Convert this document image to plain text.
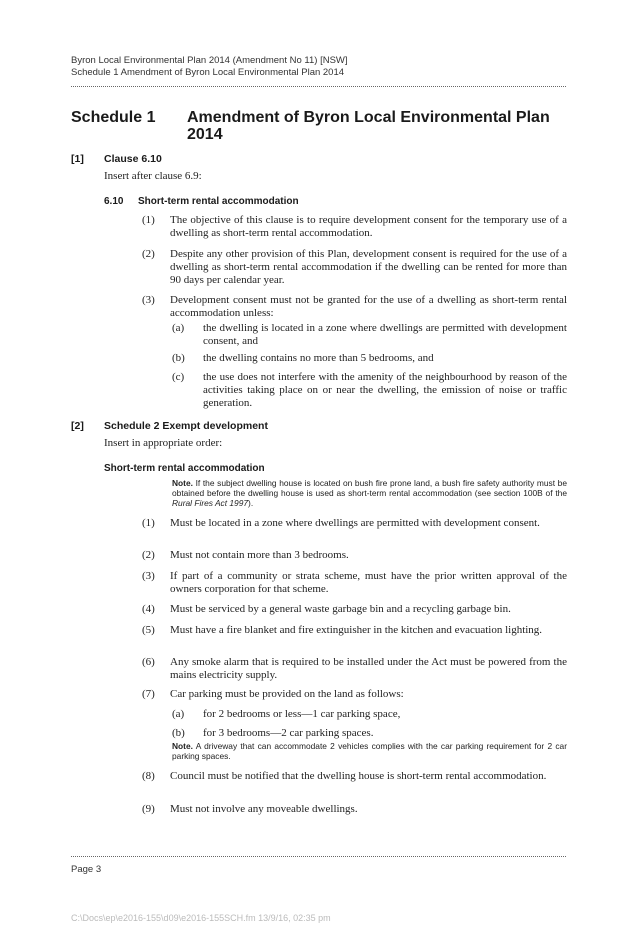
Byron Local Environmental Plan 2014 (Amendment No 11) [NSW]
Schedule 1 Amendment of Byron Local Environmental Plan 2014
Schedule 1 Amendment of Byron Local Environmental Plan
2014
[1] Clause 6.10
Insert after clause 6.9:
6.10 Short-term rental accommodation
(1) The objective of this clause is to require development consent for the temporary use of a dwelling as short-term rental accommodation.
(2) Despite any other provision of this Plan, development consent is required for the use of a dwelling as short-term rental accommodation if the dwelling can be rented for more than 90 days per calendar year.
(3) Development consent must not be granted for the use of a dwelling as short-term rental accommodation unless:
(a) the dwelling is located in a zone where dwellings are permitted with development consent, and
(b) the dwelling contains no more than 5 bedrooms, and
(c) the use does not interfere with the amenity of the neighbourhood by reason of the activities taking place on or near the dwelling, the emission of noise or traffic generation.
[2] Schedule 2 Exempt development
Insert in appropriate order:
Short-term rental accommodation
Note. If the subject dwelling house is located on bush fire prone land, a bush fire safety authority must be obtained before the dwelling house is used as short-term rental accommodation (see section 100B of the Rural Fires Act 1997).
(1) Must be located in a zone where dwellings are permitted with development consent.
(2) Must not contain more than 3 bedrooms.
(3) If part of a community or strata scheme, must have the prior written approval of the owners corporation for that scheme.
(4) Must be serviced by a general waste garbage bin and a recycling garbage bin.
(5) Must have a fire blanket and fire extinguisher in the kitchen and evacuation lighting.
(6) Any smoke alarm that is required to be installed under the Act must be powered from the mains electricity supply.
(7) Car parking must be provided on the land as follows:
(a) for 2 bedrooms or less—1 car parking space,
(b) for 3 bedrooms—2 car parking spaces.
Note. A driveway that can accommodate 2 vehicles complies with the car parking requirement for 2 car parking spaces.
(8) Council must be notified that the dwelling house is short-term rental accommodation.
(9) Must not involve any moveable dwellings.
Page 3
C:\Docs\ep\e2016-155\d09\e2016-155SCH.fm 13/9/16, 02:35 pm
